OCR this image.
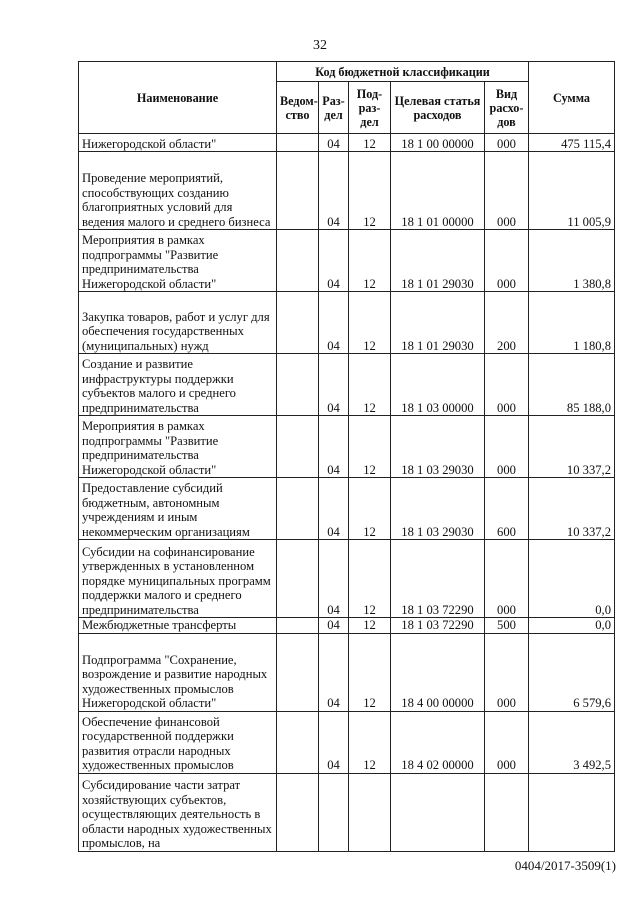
32
Наименование	Код бюджетной классификации					Сумма
	Ведом-ство	Раз-дел	Под-раз-дел	Целевая статья расходов	Вид расхо-дов	
Нижегородской области"		04	12	18 1 00 00000	000	475 115,4
Проведение мероприятий, способствующих созданию благоприятных условий для ведения малого и среднего бизнеса		04	12	18 1 01 00000	000	11 005,9
Мероприятия в рамках подпрограммы "Развитие предпринимательства Нижегородской области"		04	12	18 1 01 29030	000	1 380,8
Закупка товаров, работ и услуг для обеспечения государственных (муниципальных) нужд		04	12	18 1 01 29030	200	1 180,8
Создание и развитие инфраструктуры поддержки субъектов малого и среднего предпринимательства		04	12	18 1 03 00000	000	85 188,0
Мероприятия в рамках подпрограммы "Развитие предпринимательства Нижегородской области"		04	12	18 1 03 29030	000	10 337,2
Предоставление субсидий бюджетным, автономным учреждениям и иным некоммерческим организациям		04	12	18 1 03 29030	600	10 337,2
Субсидии на софинансирование утвержденных в установленном порядке муниципальных программ поддержки малого и среднего предпринимательства		04	12	18 1 03 72290	000	0,0
Межбюджетные трансферты		04	12	18 1 03 72290	500	0,0
Подпрограмма "Сохранение, возрождение и развитие народных художественных промыслов Нижегородской области"		04	12	18 4 00 00000	000	6 579,6
Обеспечение финансовой государственной поддержки развития отрасли народных художественных промыслов		04	12	18 4 02 00000	000	3 492,5
Субсидирование части затрат хозяйствующих субъектов, осуществляющих деятельность в области народных художественных промыслов, на						
0404/2017-3509(1)
